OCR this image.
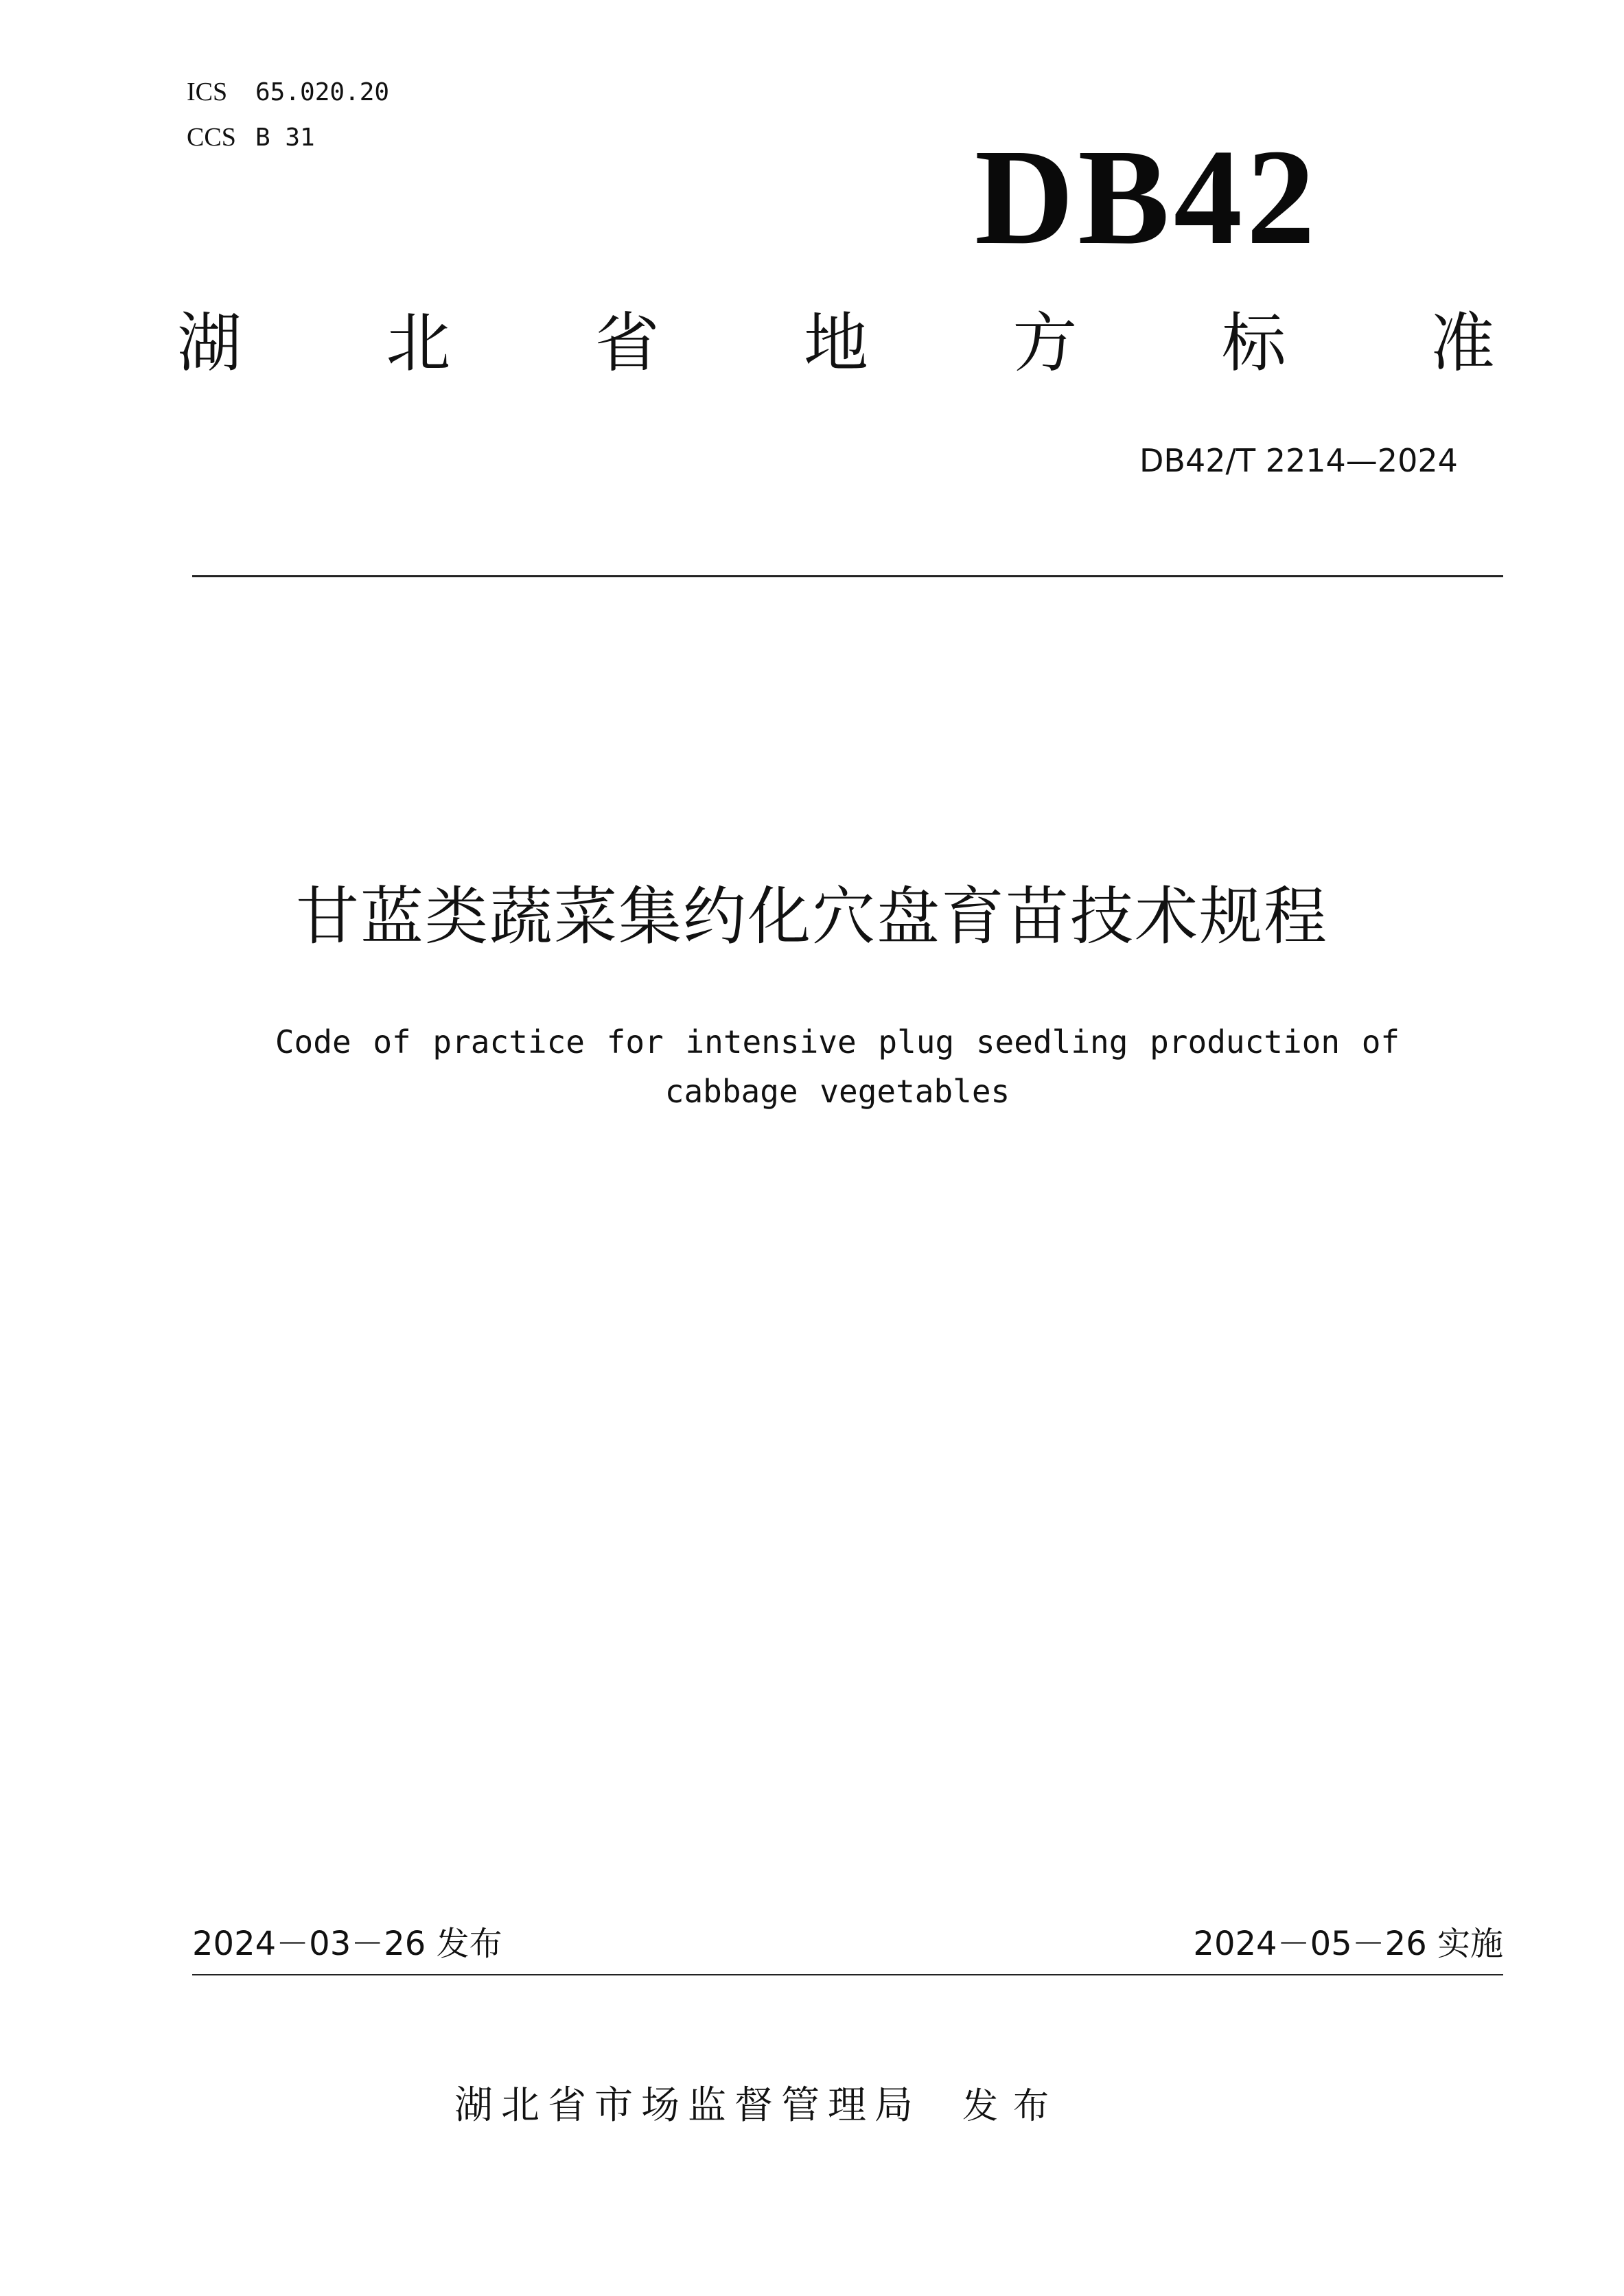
ICS 65.020.20
CCS B 31	DB42
湖 北 省 地 方 标 准
DB42/T 2214—2024
甘蓝类蔬菜集约化穴盘育苗技术规程
Code of practice for intensive plug seedling production of cabbage vegetables
2024－03－26 发布	2024－05－26 实施
湖北省市场监督管理局 发布
